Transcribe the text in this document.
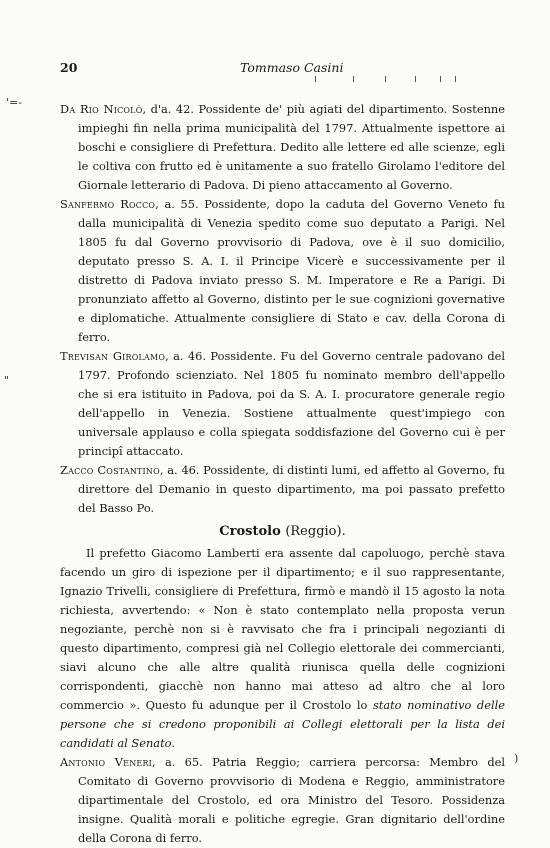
20	Tommaso Casini
'=-
"
)

Da Rio Nicolò, d'a. 42. Possidente de' più agiati del dipartimento. Sostenne impieghi fin nella prima municipalità del 1797. Attualmente ispettore ai boschi e consigliere di Prefettura. Dedito alle lettere ed alle scienze, egli le coltiva con frutto ed è unitamente a suo fratello Girolamo l'editore del Giornale letterario di Padova. Di pieno attaccamento al Governo.

Sanfermo Rocco, a. 55. Possidente, dopo la caduta del Governo Veneto fu dalla municipalità di Venezia spedito come suo deputato a Parigi. Nel 1805 fu dal Governo provvisorio di Padova, ove è il suo domicilio, deputato presso S. A. I. il Principe Vicerè e successivamente per il distretto di Padova inviato presso S. M. Imperatore e Re a Parigi. Di pronunziato affetto al Governo, distinto per le sue cognizioni governative e diplomatiche. Attualmente consigliere di Stato e cav. della Corona di ferro.

Trevisan Girolamo, a. 46. Possidente. Fu del Governo centrale padovano del 1797. Profondo scienziato. Nel 1805 fu nominato membro dell'appello che si era istituito in Padova, poi da S. A. I. procuratore generale regio dell'appello in Venezia. Sostiene attualmente quest'impiego con universale applauso e colla spiegata soddisfazione del Governo cui è per principî attaccato.

Zacco Costantino, a. 46. Possidente, di distinti lumi, ed affetto al Governo, fu direttore del Demanio in questo dipartimento, ma poi passato prefetto del Basso Po.

Crostolo (Reggio).

Il prefetto Giacomo Lamberti era assente dal capoluogo, perchè stava facendo un giro di ispezione per il dipartimento; e il suo rappresentante, Ignazio Trivelli, consigliere di Prefettura, firmò e mandò il 15 agosto la nota richiesta, avvertendo: « Non è stato contemplato nella proposta verun negoziante, perchè non si è ravvisato che fra i principali negozianti di questo dipartimento, compresi già nel Collegio elettorale dei commercianti, siavi alcuno che alle altre qualità riunisca quella delle cognizioni corrispondenti, giacchè non hanno mai atteso ad altro che al loro commercio ». Questo fu adunque per il Crostolo lo stato nominativo delle persone che si credono proponibili ai Collegi elettorali per la lista dei candidati al Senato.

Antonio Veneri, a. 65. Patria Reggio; carriera percorsa: Membro del Comitato di Governo provvisorio di Modena e Reggio, amministratore dipartimentale del Crostolo, ed ora Ministro del Tesoro. Possidenza insigne. Qualità morali e politiche egregie. Gran dignitario dell'ordine della Corona di ferro.
